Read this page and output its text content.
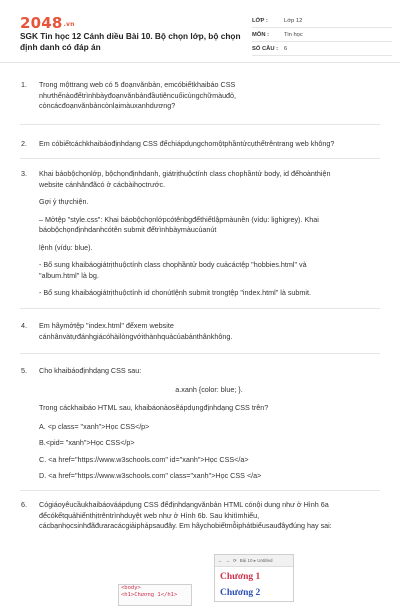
$2048^{.vn}$
SGK Tin học 12 Cánh diều Bài 10. Bộ chọn lớp, bộ chọn định danh có đáp án
LỚP :	Lớp 12
MÔN :	Tin học
SỐ CÂU :	6
1. Trong mộttrang web có 5 đoạnvănbản, emcóbiếtkhaibáo CSS

nhưthếnàođểtrìnhbàyđoạnvănbảnđầutiêncuốicùngchữmàuđỏ,

còncácđoạnvănbảncònlạimàuxanhdương?

2. Em cóbiếtcáchkhaibáođịnhdạng CSS đểchiápdụngchomộtphầntửcụthểtrêntrang web không?

3. Khai báobộchọnlớp, bộchọnđịnhdanh, giátrịthuộctính class chophầntử body, id đểhoànthiện

website cánhânđãcó ở cácbàihọctrước.

Gợi ý thựchiện.

– Mởtệp "style.css": Khai báobộchọnlớpcótênbgđểthiếtlậpmàunền (vídụ: lighigrey). Khai

báobộchọnđịnhdanhcótên submit đểtrìnhbàymàucủanút

lệnh (vídụ: blue).

- Bổ sung khaibáogiátrịthuộctính class chophầntử body cuảcáctệp "hobbies.html" và

"album.html" là bg.

- Bổ sung khaibáogiátrịthuộctính id chonútlệnh submit trongtệp "index.html" là submit.

4. Em hãymởtệp "index.html" đểxem website

cánhânvàtựđánhgiácóhàilòngvớithànhquảcủabảnthânkhông.

5. Cho khaibáođịnhdạng CSS sau:

a.xanh {color: blue; }.

Trong cáckhaibáo HTML sau, khaibáonàosẽápdụngđịnhdạng CSS trên?

A. <p class= "xanh">Học CSS</p>

B.<pid= "xanh">Học CSS</p>

C. <a href="https://www.w3schools.com" id="xanh">Học CSS</a>

D. <a href="https://www.w3schools.com" class="xanh">Học CSS </a>

6. Cógiáoyêucầukhaibáováápdụng CSS đểđịnhdạngvănbản HTML cónội dung như ở Hình 6a

đểcókếtquảhiểnthịtrêntrìnhduyệt web như ở Hình 6b. Sau khitìmhiểu,

cácbạnhọcsinhđãđưaracácgiảiphápsauđây. Em hãychobiếtmỗiphátbiểusauđâyđúng hay sai:

<body>
<h1>Chương 1</h1>
← → ⟳ Bài 10 ▸ Untitled
Chương 1
Chương 2
